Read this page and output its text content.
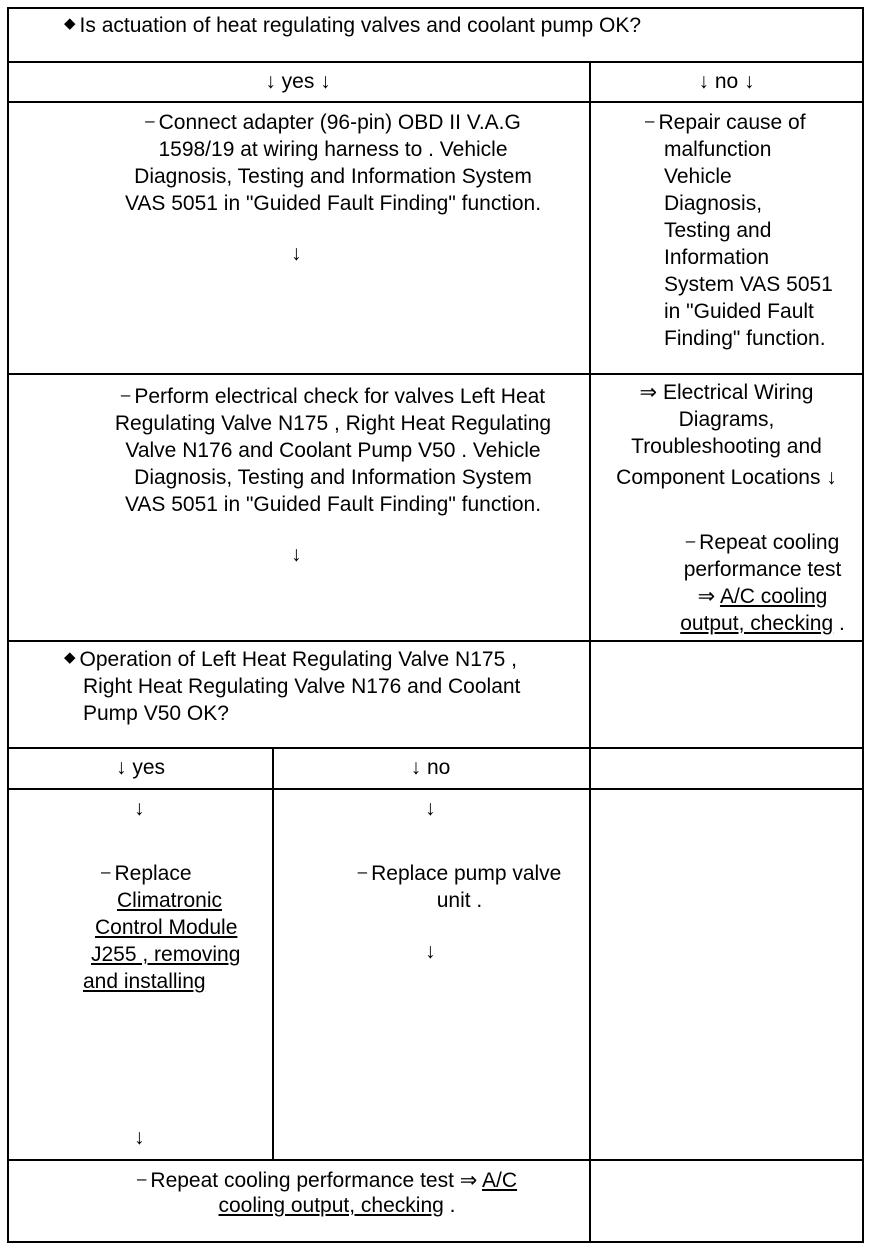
◆ Is actuation of heat regulating valves and coolant pump OK?
↓ yes ↓	↓ no ↓
– Connect adapter (96-pin) OBD II V.A.G
1598/19 at wiring harness to . Vehicle
Diagnosis, Testing and Information System
VAS 5051 in "Guided Fault Finding" function.
↓
– Repair cause of
malfunction
Vehicle
Diagnosis,
Testing and
Information
System VAS 5051
in "Guided Fault
Finding" function.
– Perform electrical check for valves Left Heat
Regulating Valve N175 , Right Heat Regulating
Valve N176 and Coolant Pump V50 . Vehicle
Diagnosis, Testing and Information System
VAS 5051 in "Guided Fault Finding" function.
↓
⇒ Electrical Wiring
Diagrams,
Troubleshooting and
Component Locations ↓
– Repeat cooling
performance test
⇒ A/C cooling
output, checking .
◆ Operation of Left Heat Regulating Valve N175 ,
Right Heat Regulating Valve N176 and Coolant
Pump V50 OK?
↓ yes	↓ no
↓
– Replace
Climatronic
Control Module
J255 , removing
and installing
↓
↓
– Replace pump valve
unit .
↓
– Repeat cooling performance test ⇒ A/C
cooling output, checking .
